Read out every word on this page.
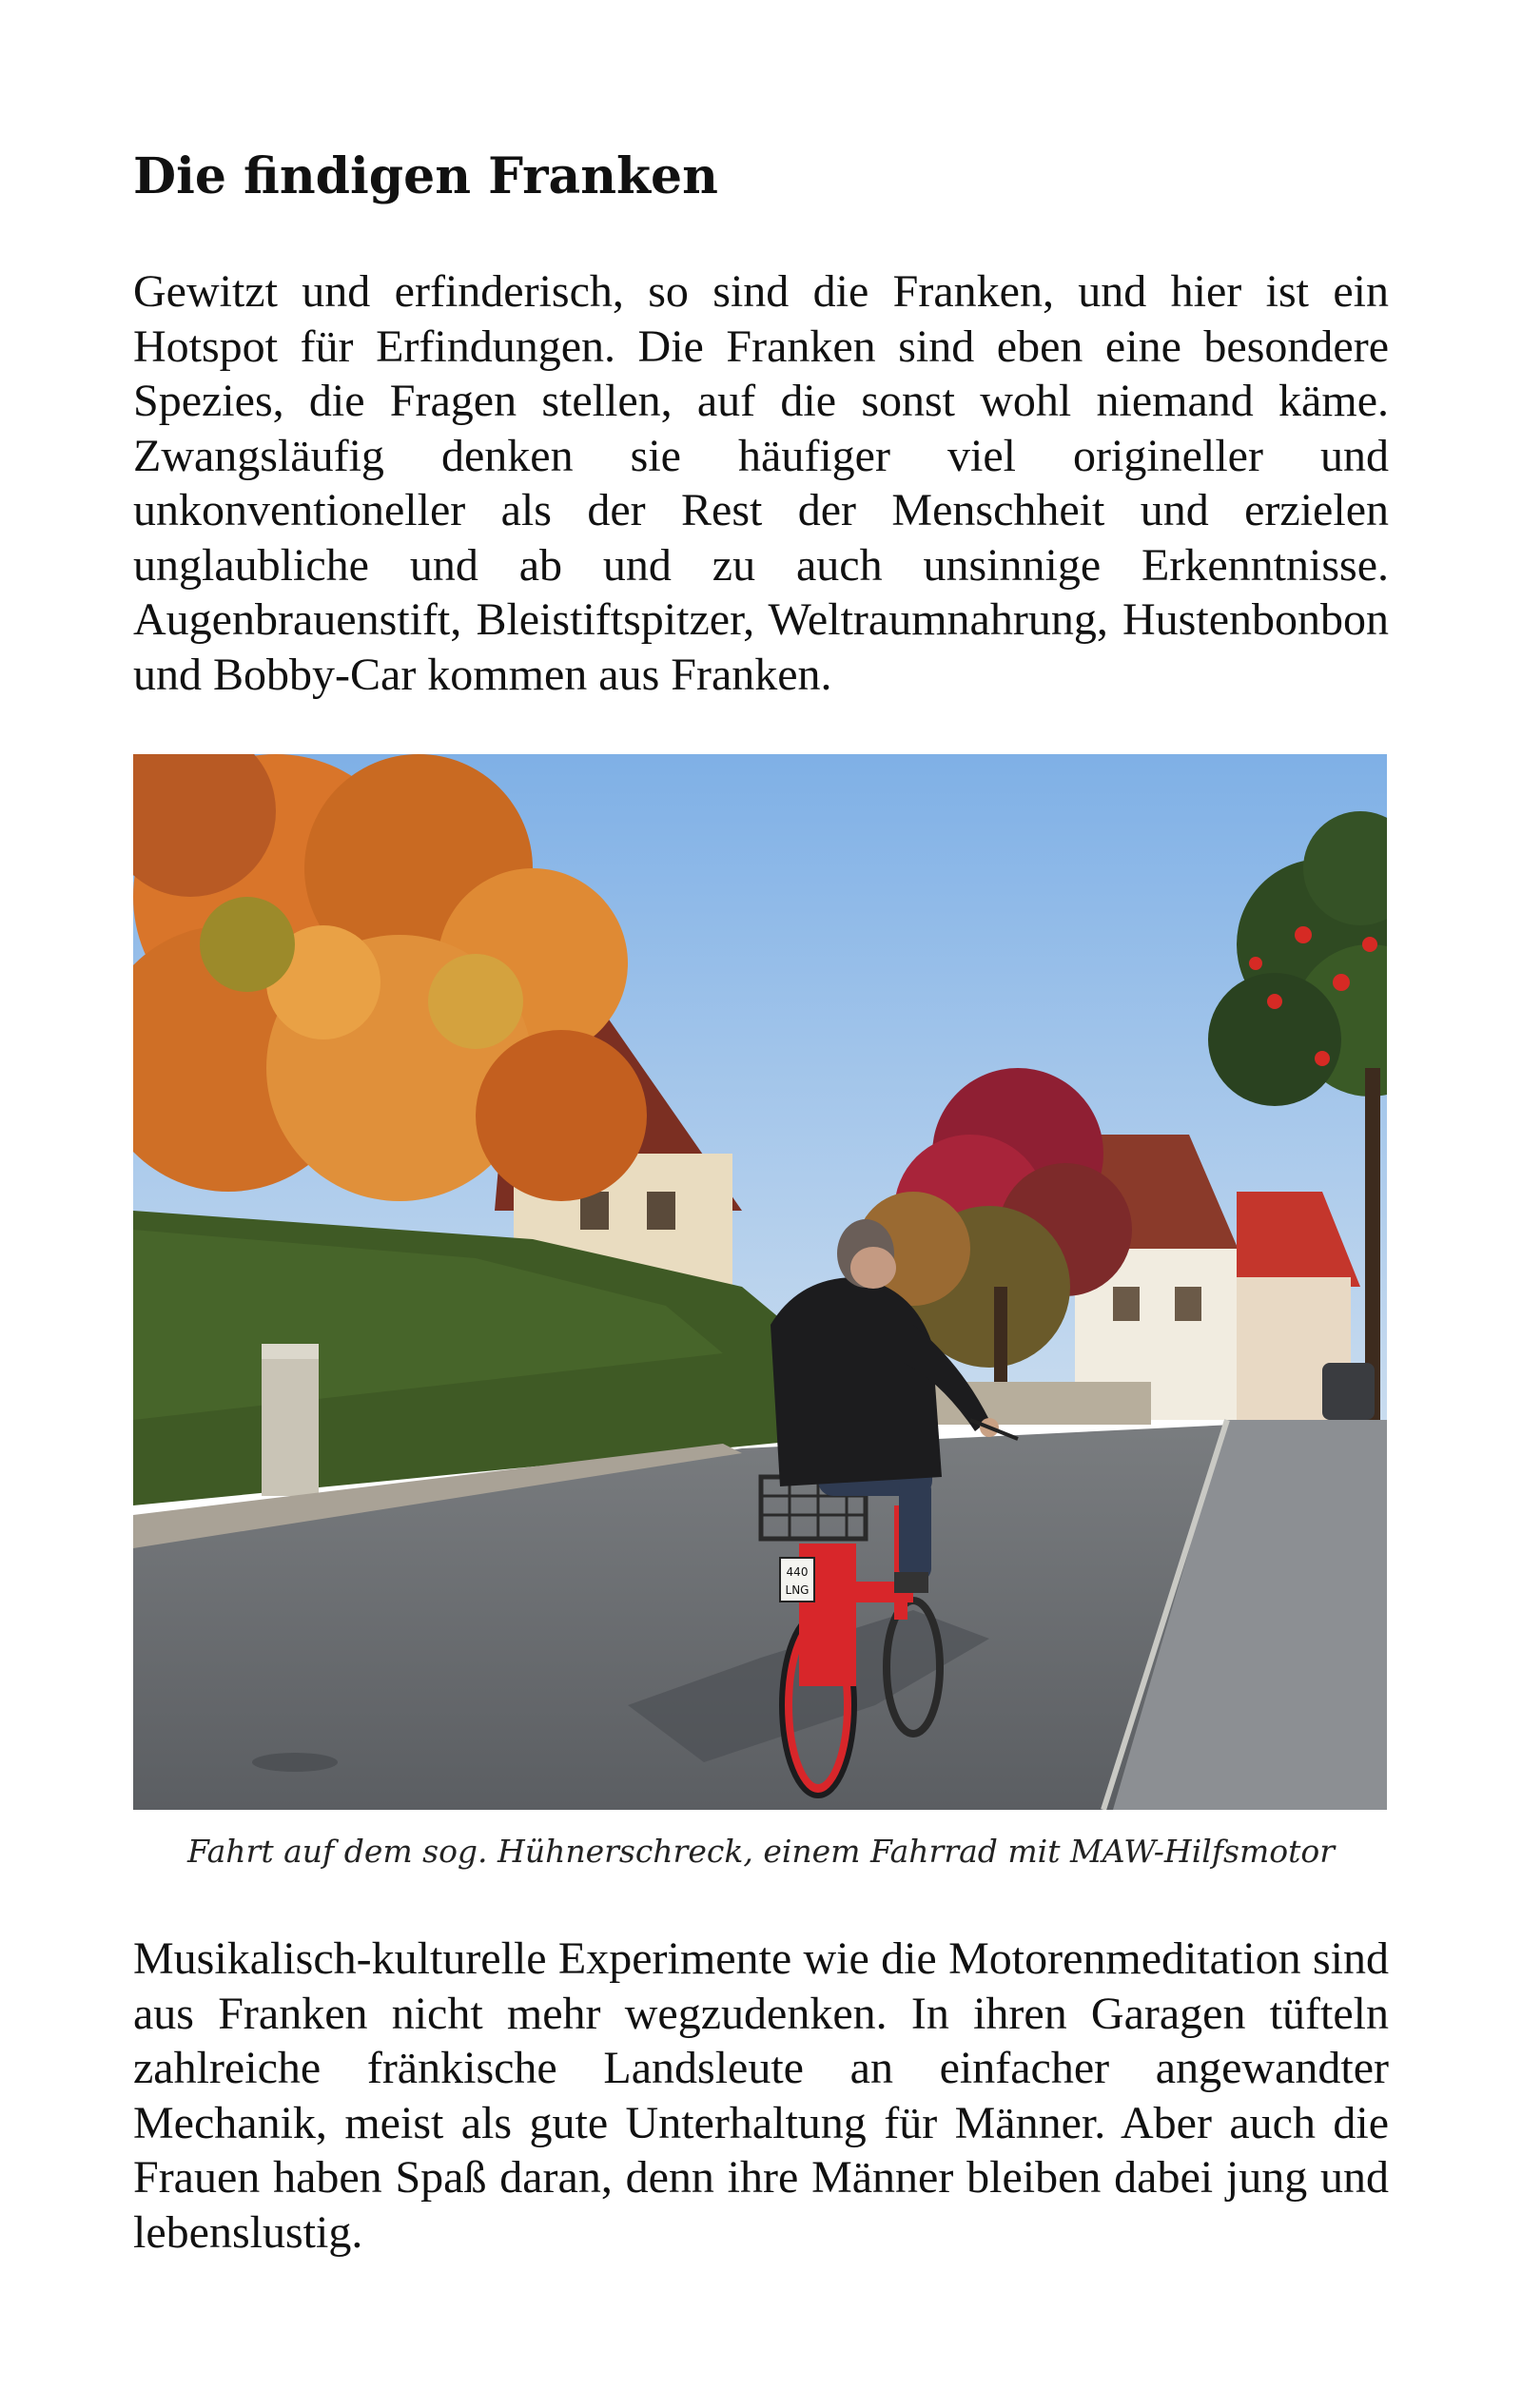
Die findigen Franken

Gewitzt und erfinderisch, so sind die Franken, und hier ist ein Hotspot für Erfindungen. Die Franken sind eben eine besondere Spezies, die Fragen stellen, auf die sonst wohl niemand käme. Zwangsläufig denken sie häufiger viel origineller und unkonventioneller als der Rest der Menschheit und erzielen unglaubliche und ab und zu auch unsinnige Erkenntnisse. Augenbrauenstift, Bleistiftspitzer, Weltraumnahrung, Hustenbonbon und Bobby-Car kommen aus Franken.

440
LNG

Fahrt auf dem sog. Hühnerschreck, einem Fahrrad mit MAW-Hilfsmotor

Musikalisch-kulturelle Experimente wie die Motorenmeditation sind aus Franken nicht mehr wegzudenken. In ihren Garagen tüfteln zahlreiche fränkische Landsleute an einfacher angewandter Mechanik, meist als gute Unterhaltung für Männer. Aber auch die Frauen haben Spaß daran, denn ihre Männer bleiben dabei jung und lebenslustig.
